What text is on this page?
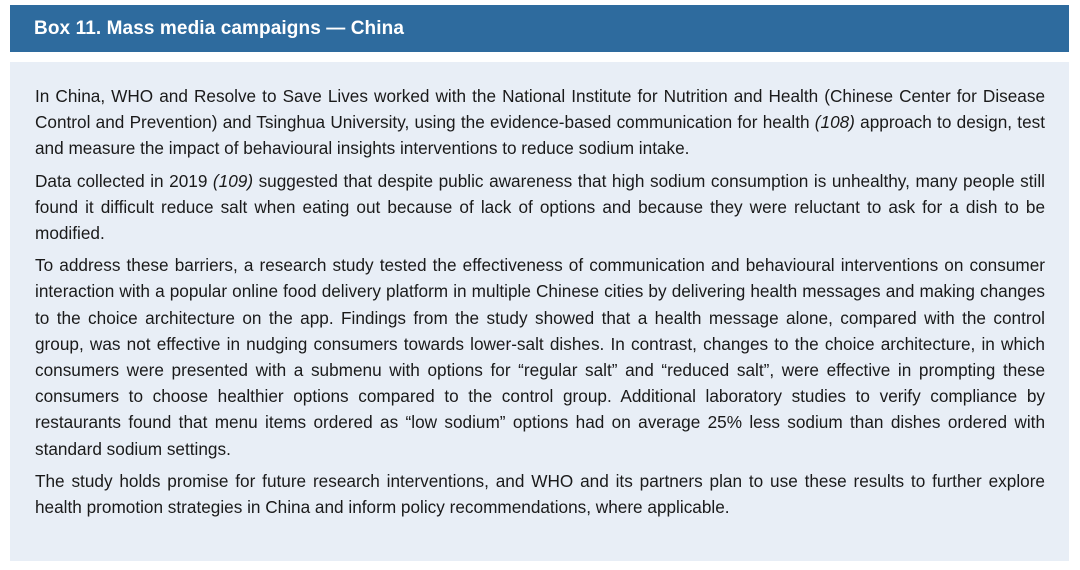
Box 11. Mass media campaigns — China

In China, WHO and Resolve to Save Lives worked with the National Institute for Nutrition and Health (Chinese Center for Disease Control and Prevention) and Tsinghua University, using the evidence-based communication for health (108) approach to design, test and measure the impact of behavioural insights interventions to reduce sodium intake.

Data collected in 2019 (109) suggested that despite public awareness that high sodium consumption is unhealthy, many people still found it difficult reduce salt when eating out because of lack of options and because they were reluctant to ask for a dish to be modified.

To address these barriers, a research study tested the effectiveness of communication and behavioural interventions on consumer interaction with a popular online food delivery platform in multiple Chinese cities by delivering health messages and making changes to the choice architecture on the app. Findings from the study showed that a health message alone, compared with the control group, was not effective in nudging consumers towards lower-salt dishes. In contrast, changes to the choice architecture, in which consumers were presented with a submenu with options for “regular salt” and “reduced salt”, were effective in prompting these consumers to choose healthier options compared to the control group. Additional laboratory studies to verify compliance by restaurants found that menu items ordered as “low sodium” options had on average 25% less sodium than dishes ordered with standard sodium settings.

The study holds promise for future research interventions, and WHO and its partners plan to use these results to further explore health promotion strategies in China and inform policy recommendations, where applicable.
